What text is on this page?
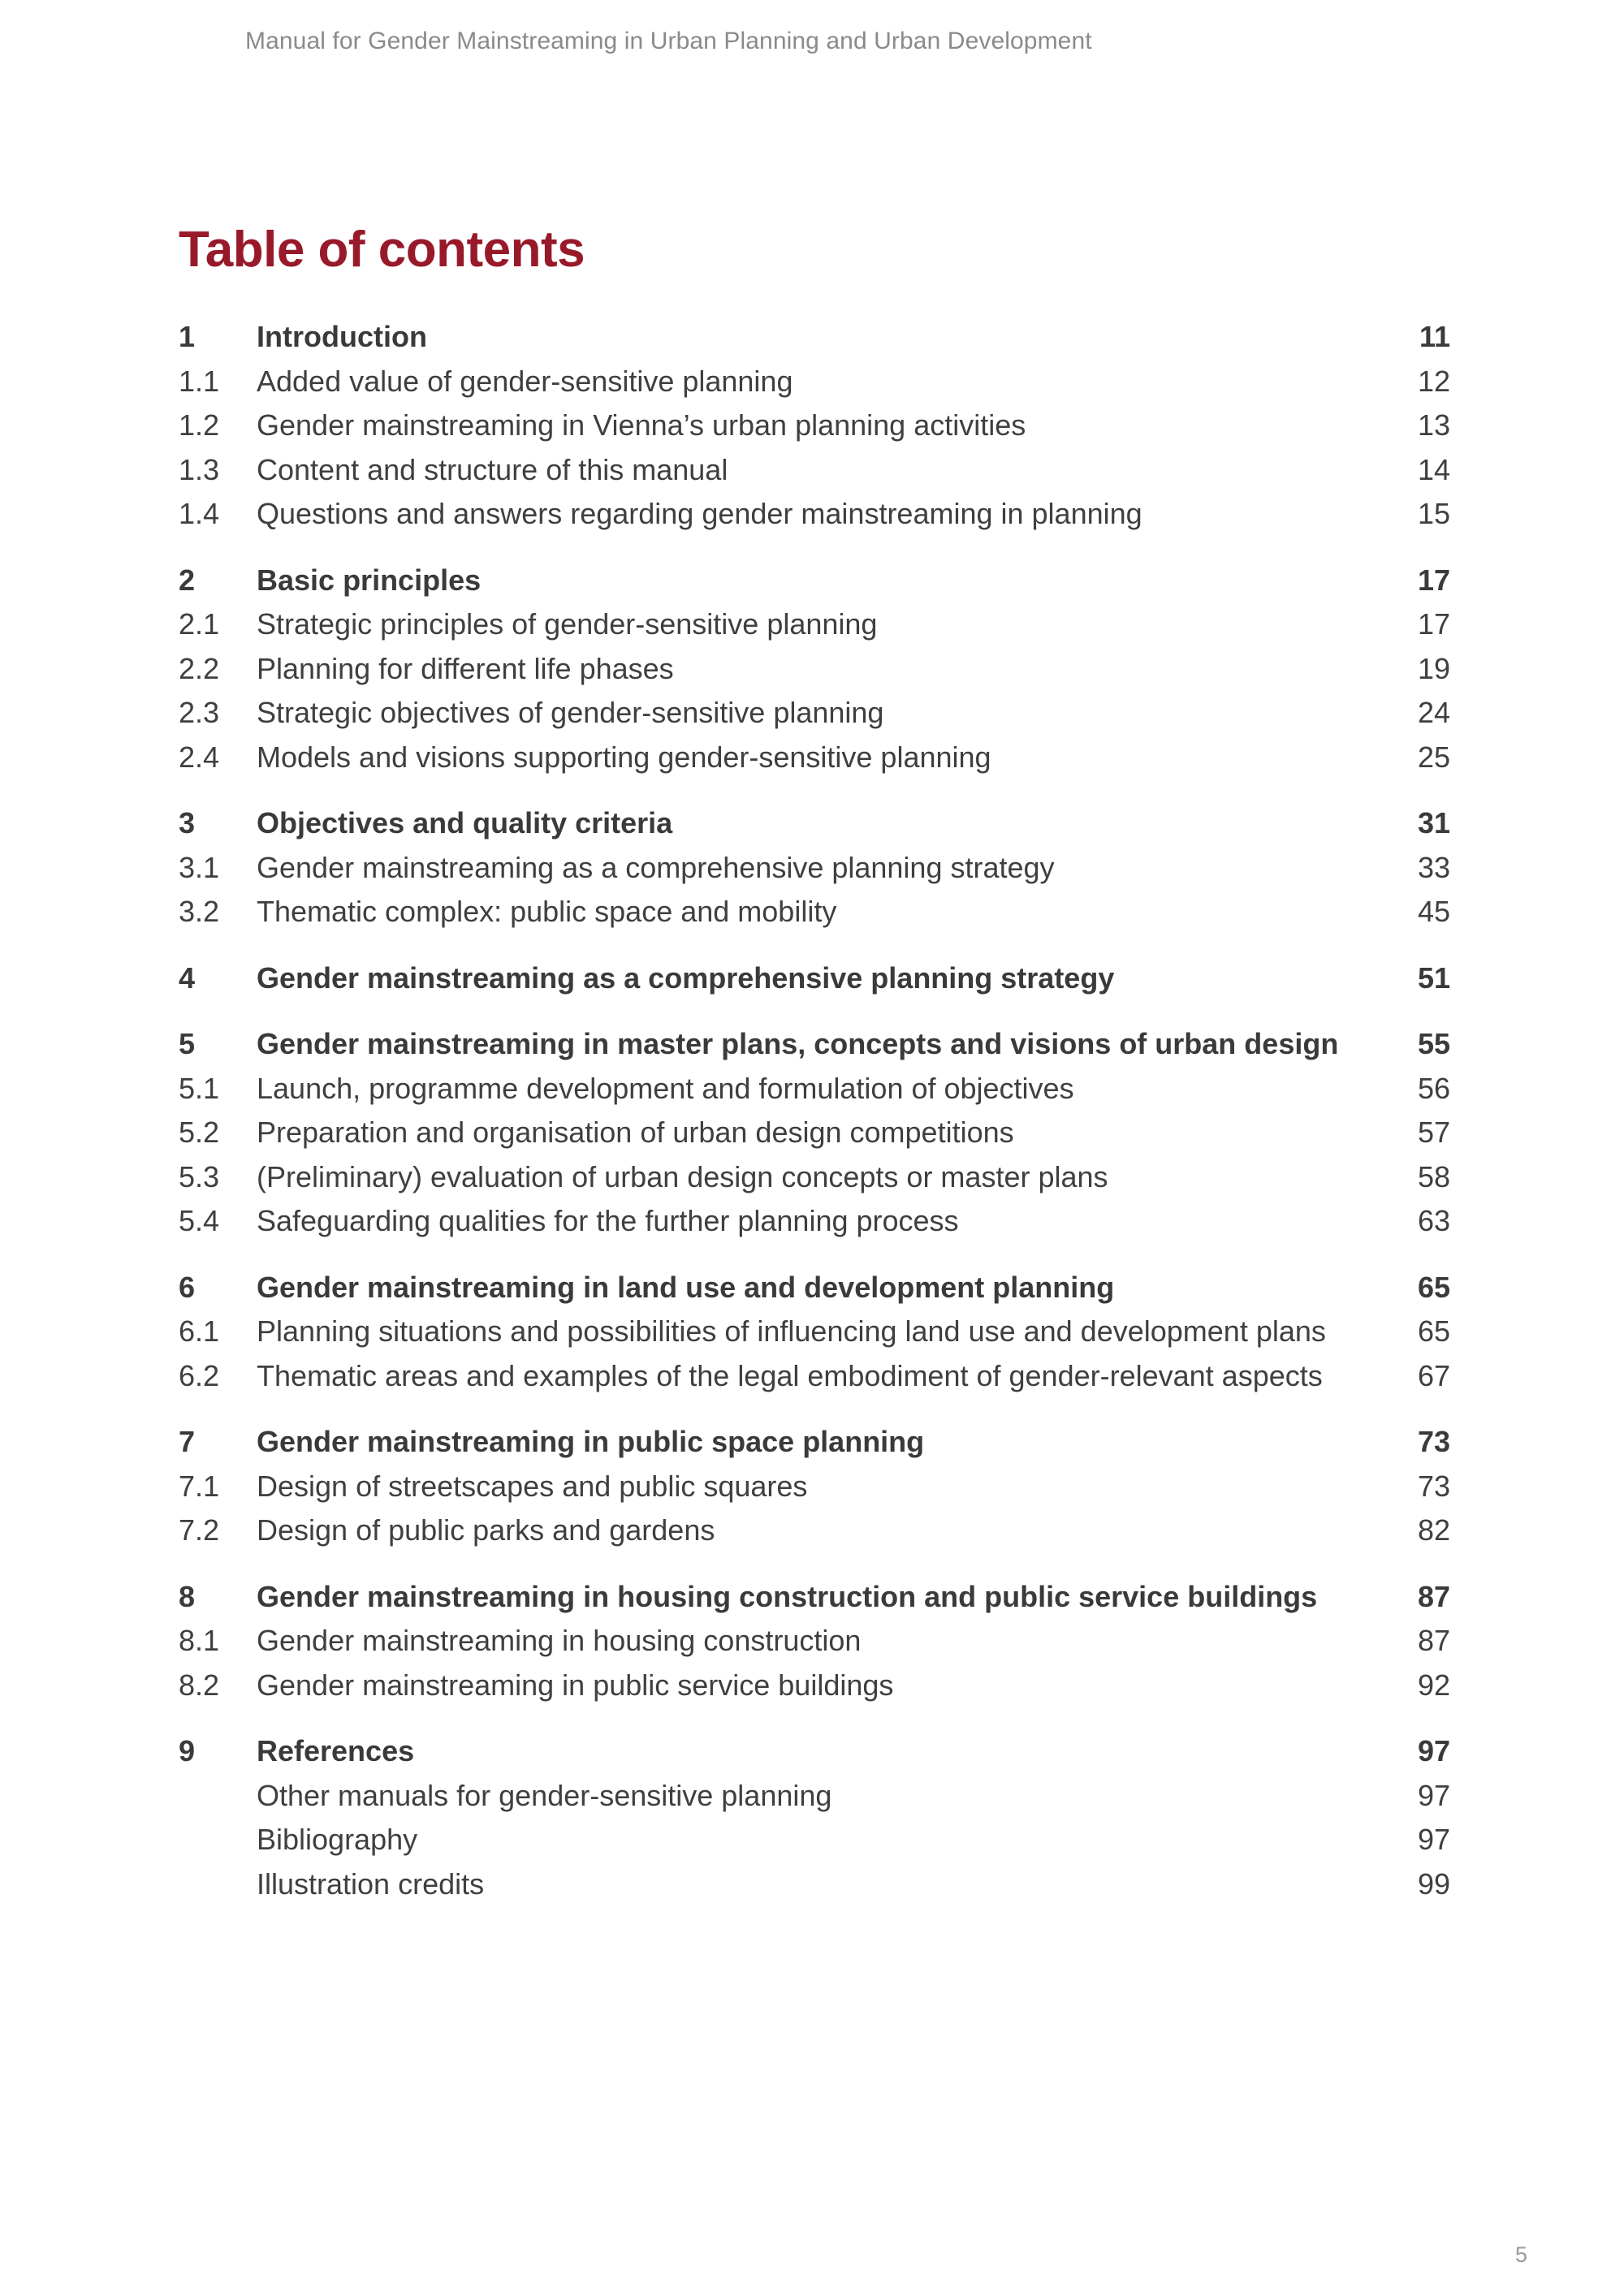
Manual for Gender Mainstreaming in Urban Planning and Urban Development
Table of contents
1	Introduction	11
1.1	Added value of gender-sensitive planning	12
1.2	Gender mainstreaming in Vienna’s urban planning activities	13
1.3	Content and structure of this manual	14
1.4	Questions and answers regarding gender mainstreaming in planning	15
2	Basic principles	17
2.1	Strategic principles of gender-sensitive planning	17
2.2	Planning for different life phases	19
2.3	Strategic objectives of gender-sensitive planning	24
2.4	Models and visions supporting gender-sensitive planning	25
3	Objectives and quality criteria	31
3.1	Gender mainstreaming as a comprehensive planning strategy	33
3.2	Thematic complex: public space and mobility	45
4	Gender mainstreaming as a comprehensive planning strategy	51
5	Gender mainstreaming in master plans, concepts and visions of urban design	55
5.1	Launch, programme development and formulation of objectives	56
5.2	Preparation and organisation of urban design competitions	57
5.3	(Preliminary) evaluation of urban design concepts or master plans	58
5.4	Safeguarding qualities for the further planning process	63
6	Gender mainstreaming in land use and development planning	65
6.1	Planning situations and possibilities of influencing land use and development plans	65
6.2	Thematic areas and examples of the legal embodiment of gender-relevant aspects	67
7	Gender mainstreaming in public space planning	73
7.1	Design of streetscapes and public squares	73
7.2	Design of public parks and gardens	82
8	Gender mainstreaming in housing construction and public service buildings	87
8.1	Gender mainstreaming in housing construction	87
8.2	Gender mainstreaming in public service buildings	92
9	References	97
Other manuals for gender-sensitive planning	97
Bibliography	97
Illustration credits	99
5
